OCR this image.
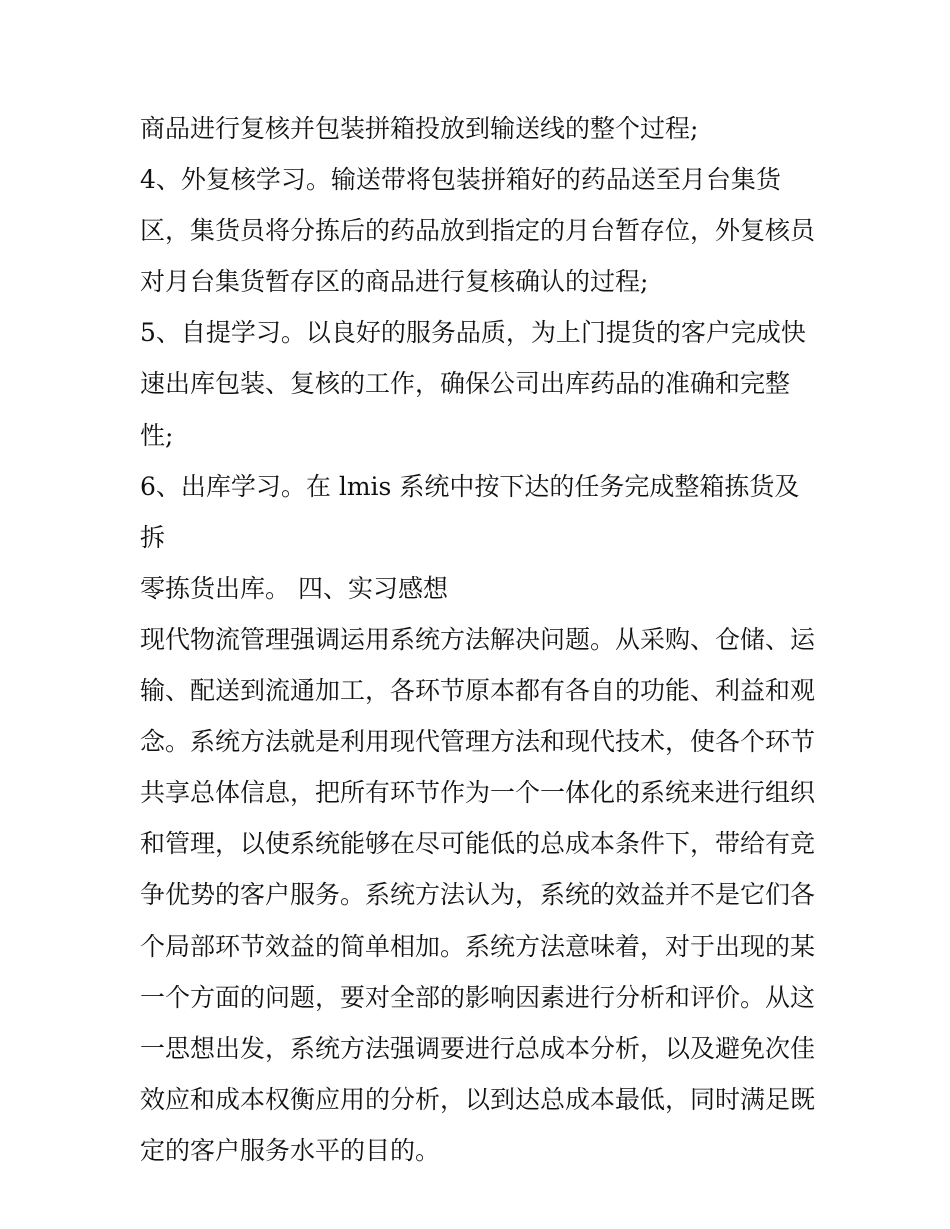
商品进行复核并包装拼箱投放到输送线的整个过程;

4、外复核学习。输送带将包装拼箱好的药品送至月台集货

区，集货员将分拣后的药品放到指定的月台暂存位，外复核员

对月台集货暂存区的商品进行复核确认的过程;

5、自提学习。以良好的服务品质，为上门提货的客户完成快

速出库包装、复核的工作，确保公司出库药品的准确和完整

性;

6、出库学习。在 lmis 系统中按下达的任务完成整箱拣货及拆

零拣货出库。 四、实习感想

现代物流管理强调运用系统方法解决问题。从采购、仓储、运

输、配送到流通加工，各环节原本都有各自的功能、利益和观

念。系统方法就是利用现代管理方法和现代技术，使各个环节

共享总体信息，把所有环节作为一个一体化的系统来进行组织

和管理，以使系统能够在尽可能低的总成本条件下，带给有竞

争优势的客户服务。系统方法认为，系统的效益并不是它们各

个局部环节效益的简单相加。系统方法意味着，对于出现的某

一个方面的问题，要对全部的影响因素进行分析和评价。从这

一思想出发，系统方法强调要进行总成本分析，以及避免次佳

效应和成本权衡应用的分析，以到达总成本最低，同时满足既

定的客户服务水平的目的。
